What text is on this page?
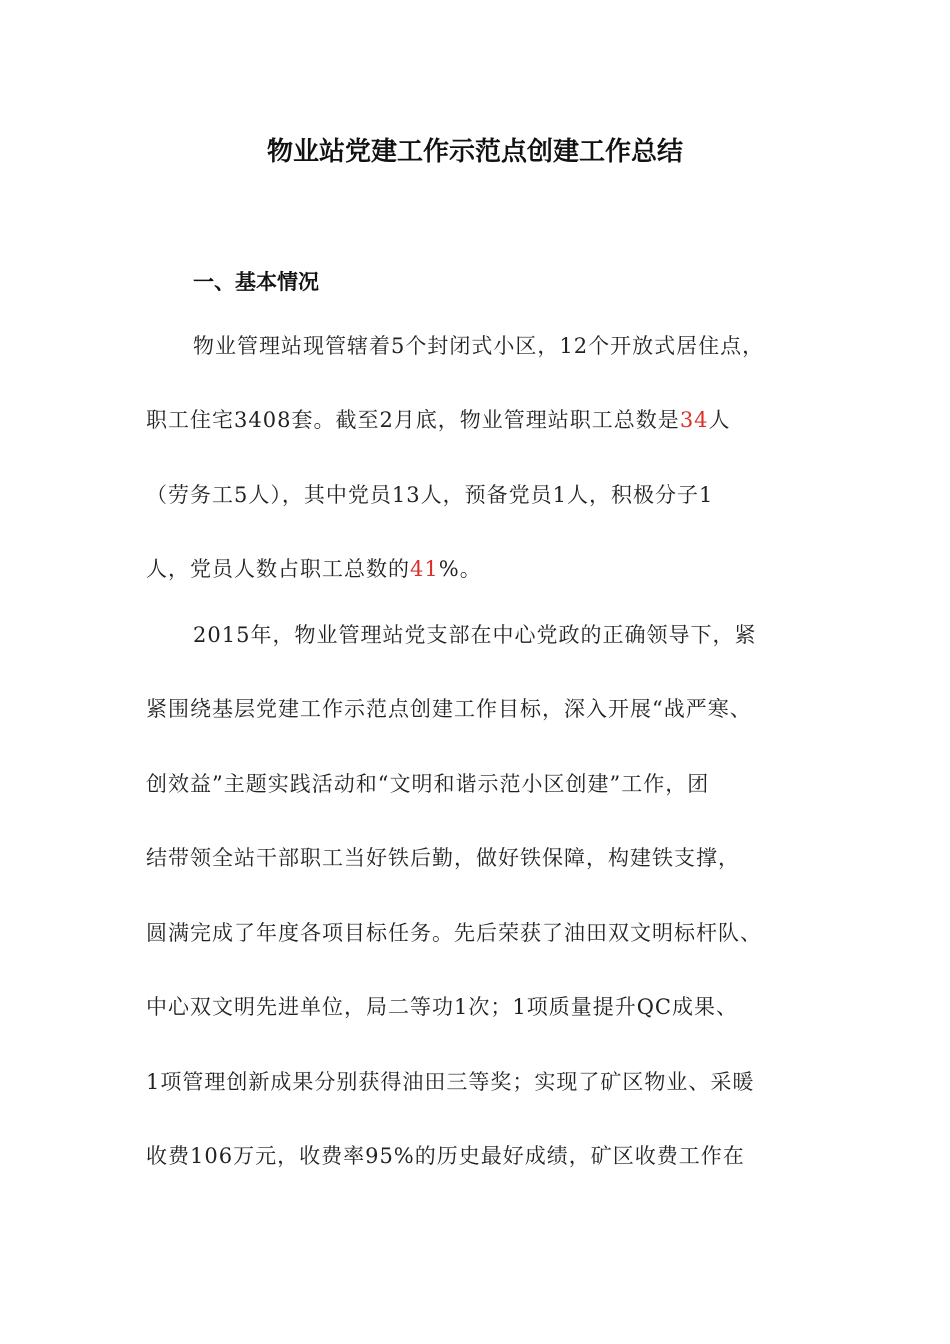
物业站党建工作示范点创建工作总结
一、基本情况
物业管理站现管辖着5个封闭式小区，12个开放式居住点，
职工住宅3408套。截至2月底，物业管理站职工总数是34人
（劳务工5人），其中党员13人，预备党员1人，积极分子1
人，党员人数占职工总数的41%。
2015年，物业管理站党支部在中心党政的正确领导下，紧
紧围绕基层党建工作示范点创建工作目标，深入开展“战严寒、
创效益”主题实践活动和“文明和谐示范小区创建”工作，团
结带领全站干部职工当好铁后勤，做好铁保障，构建铁支撑，
圆满完成了年度各项目标任务。先后荣获了油田双文明标杆队、
中心双文明先进单位，局二等功1次；1项质量提升QC成果、
1项管理创新成果分别获得油田三等奖；实现了矿区物业、采暖
收费106万元，收费率95%的历史最好成绩，矿区收费工作在
